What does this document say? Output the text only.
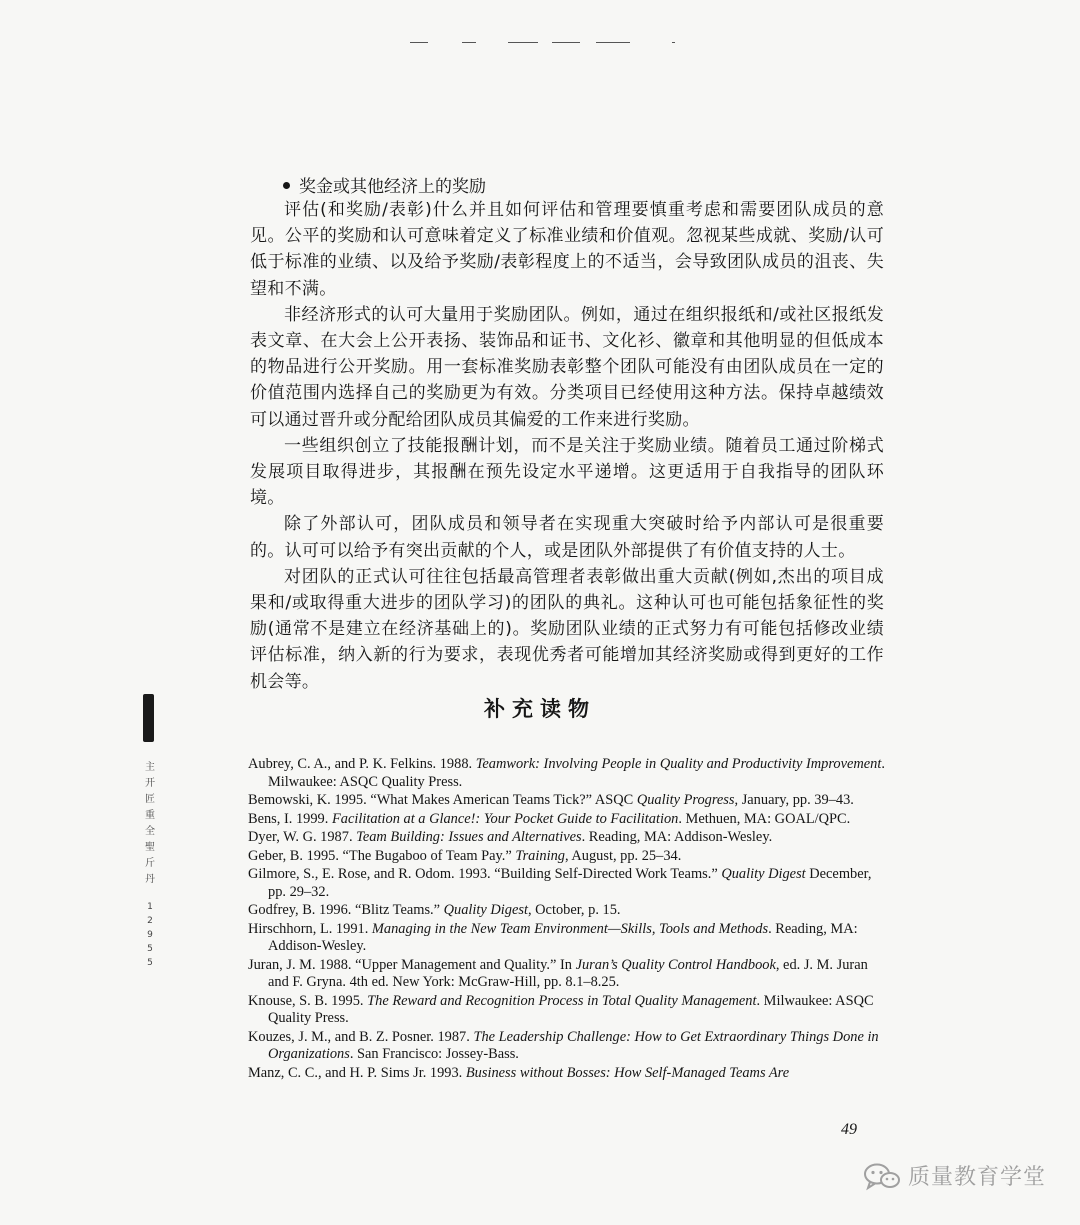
奖金或其他经济上的奖励

评估(和奖励/表彰)什么并且如何评估和管理要慎重考虑和需要团队成员的意见。公平的奖励和认可意味着定义了标准业绩和价值观。忽视某些成就、奖励/认可低于标准的业绩、以及给予奖励/表彰程度上的不适当，会导致团队成员的沮丧、失望和不满。

非经济形式的认可大量用于奖励团队。例如，通过在组织报纸和/或社区报纸发表文章、在大会上公开表扬、装饰品和证书、文化衫、徽章和其他明显的但低成本的物品进行公开奖励。用一套标准奖励表彰整个团队可能没有由团队成员在一定的价值范围内选择自己的奖励更为有效。分类项目已经使用这种方法。保持卓越绩效可以通过晋升或分配给团队成员其偏爱的工作来进行奖励。

一些组织创立了技能报酬计划，而不是关注于奖励业绩。随着员工通过阶梯式发展项目取得进步，其报酬在预先设定水平递增。这更适用于自我指导的团队环境。

除了外部认可，团队成员和领导者在实现重大突破时给予内部认可是很重要的。认可可以给予有突出贡献的个人，或是团队外部提供了有价值支持的人士。

对团队的正式认可往往包括最高管理者表彰做出重大贡献(例如,杰出的项目成果和/或取得重大进步的团队学习)的团队的典礼。这种认可也可能包括象征性的奖励(通常不是建立在经济基础上的)。奖励团队业绩的正式努力有可能包括修改业绩评估标准，纳入新的行为要求，表现优秀者可能增加其经济奖励或得到更好的工作机会等。

补充读物
Aubrey, C. A., and P. K. Felkins. 1988. Teamwork: Involving People in Quality and Productivity Improvement. Milwaukee: ASQC Quality Press.
Bemowski, K. 1995. “What Makes American Teams Tick?” ASQC Quality Progress, January, pp. 39–43.
Bens, I. 1999. Facilitation at a Glance!: Your Pocket Guide to Facilitation. Methuen, MA: GOAL/QPC.
Dyer, W. G. 1987. Team Building: Issues and Alternatives. Reading, MA: Addison-Wesley.
Geber, B. 1995. “The Bugaboo of Team Pay.” Training, August, pp. 25–34.
Gilmore, S., E. Rose, and R. Odom. 1993. “Building Self-Directed Work Teams.” Quality Digest December, pp. 29–32.
Godfrey, B. 1996. “Blitz Teams.” Quality Digest, October, p. 15.
Hirschhorn, L. 1991. Managing in the New Team Environment—Skills, Tools and Methods. Reading, MA: Addison-Wesley.
Juran, J. M. 1988. “Upper Management and Quality.” In Juran’s Quality Control Handbook, ed. J. M. Juran and F. Gryna. 4th ed. New York: McGraw-Hill, pp. 8.1–8.25.
Knouse, S. B. 1995. The Reward and Recognition Process in Total Quality Management. Milwaukee: ASQC Quality Press.
Kouzes, J. M., and B. Z. Posner. 1987. The Leadership Challenge: How to Get Extraordinary Things Done in Organizations. San Francisco: Jossey-Bass.
Manz, C. C., and H. P. Sims Jr. 1993. Business without Bosses: How Self-Managed Teams Are
49
主
开
匠
重
全
聖
斤
丹
1
2
9
5
5
质量教育学堂
